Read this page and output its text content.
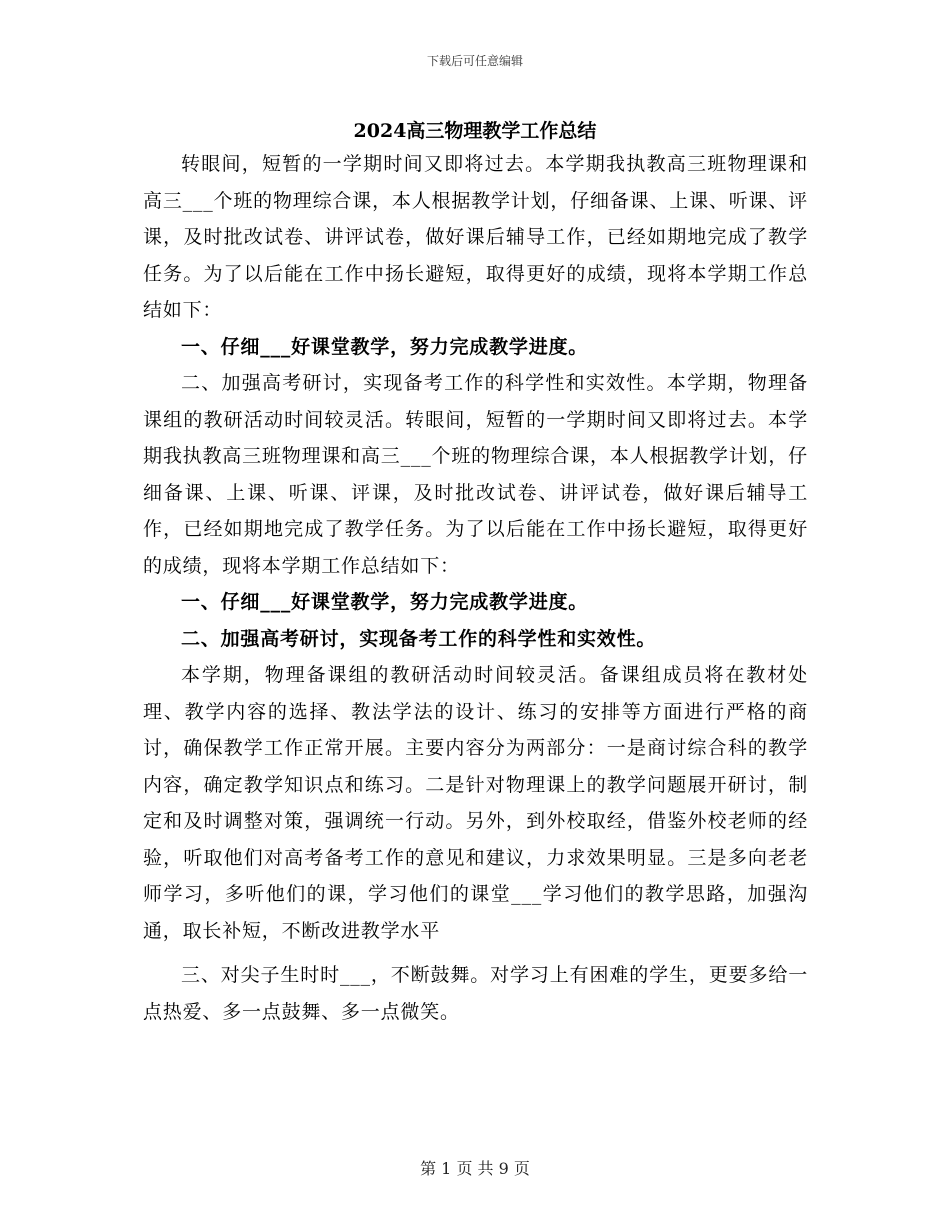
下载后可任意编辑
2024高三物理教学工作总结

转眼间，短暂的一学期时间又即将过去。本学期我执教高三班物理课和高三___个班的物理综合课，本人根据教学计划，仔细备课、上课、听课、评课，及时批改试卷、讲评试卷，做好课后辅导工作，已经如期地完成了教学任务。为了以后能在工作中扬长避短，取得更好的成绩，现将本学期工作总结如下：

一、仔细___好课堂教学，努力完成教学进度。

二、加强高考研讨，实现备考工作的科学性和实效性。本学期，物理备课组的教研活动时间较灵活。转眼间，短暂的一学期时间又即将过去。本学期我执教高三班物理课和高三___个班的物理综合课，本人根据教学计划，仔细备课、上课、听课、评课，及时批改试卷、讲评试卷，做好课后辅导工作，已经如期地完成了教学任务。为了以后能在工作中扬长避短，取得更好的成绩，现将本学期工作总结如下：

一、仔细___好课堂教学，努力完成教学进度。

二、加强高考研讨，实现备考工作的科学性和实效性。

本学期，物理备课组的教研活动时间较灵活。备课组成员将在教材处理、教学内容的选择、教法学法的设计、练习的安排等方面进行严格的商讨，确保教学工作正常开展。主要内容分为两部分：一是商讨综合科的教学内容，确定教学知识点和练习。二是针对物理课上的教学问题展开研讨，制定和及时调整对策，强调统一行动。另外，到外校取经，借鉴外校老师的经验，听取他们对高考备考工作的意见和建议，力求效果明显。三是多向老老师学习，多听他们的课，学习他们的课堂___学习他们的教学思路，加强沟通，取长补短，不断改进教学水平

三、对尖子生时时___，不断鼓舞。对学习上有困难的学生，更要多给一点热爱、多一点鼓舞、多一点微笑。

第 1 页 共 9 页
